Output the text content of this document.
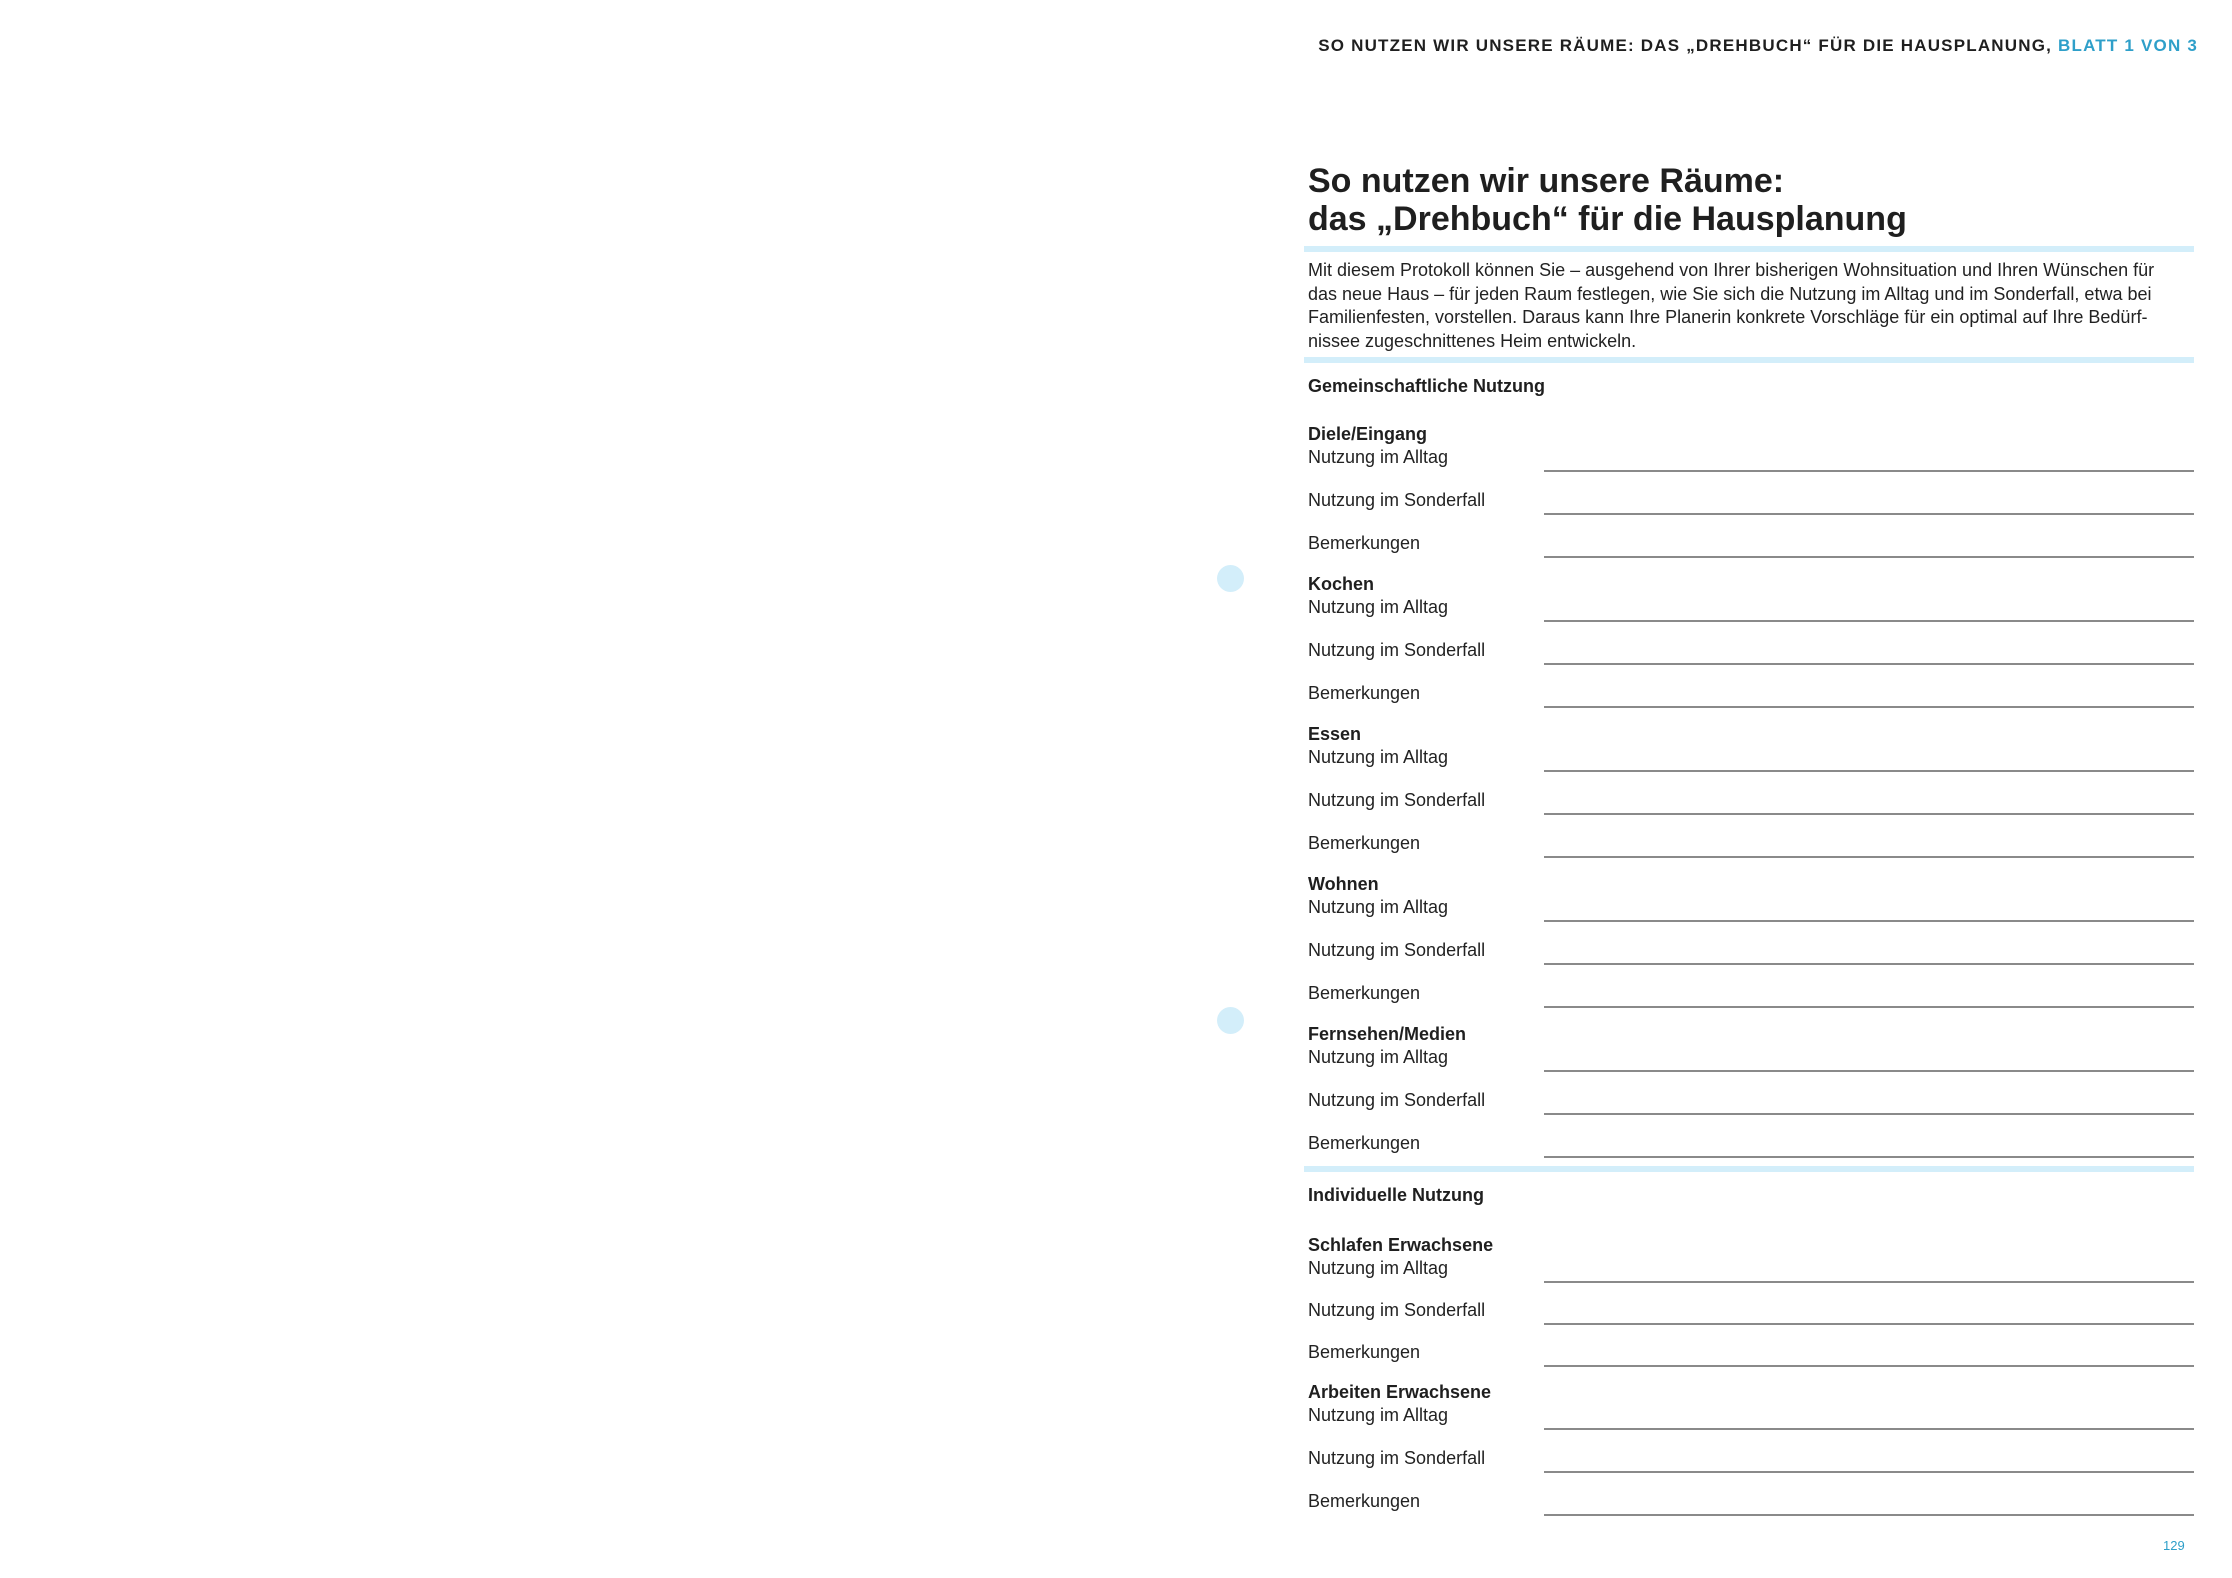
SO NUTZEN WIR UNSERE RÄUME: DAS „DREHBUCH“ FÜR DIE HAUSPLANUNG, BLATT 1 VON 3
So nutzen wir unsere Räume:
das „Drehbuch“ für die Hausplanung

Mit diesem Protokoll können Sie – ausgehend von Ihrer bisherigen Wohnsituation und Ihren Wünschen für
das neue Haus – für jeden Raum festlegen, wie Sie sich die Nutzung im Alltag und im Sonderfall, etwa bei
Familienfesten, vorstellen. Daraus kann Ihre Planerin konkrete Vorschläge für ein optimal auf Ihre Bedürf-
nissee zugeschnittenes Heim entwickeln.

Gemeinschaftliche Nutzung
Diele/Eingang
Nutzung im Alltag
Nutzung im Sonderfall
Bemerkungen
Kochen
Nutzung im Alltag
Nutzung im Sonderfall
Bemerkungen
Essen
Nutzung im Alltag
Nutzung im Sonderfall
Bemerkungen
Wohnen
Nutzung im Alltag
Nutzung im Sonderfall
Bemerkungen
Fernsehen/Medien
Nutzung im Alltag
Nutzung im Sonderfall
Bemerkungen
Individuelle Nutzung
Schlafen Erwachsene
Nutzung im Alltag
Nutzung im Sonderfall
Bemerkungen
Arbeiten Erwachsene
Nutzung im Alltag
Nutzung im Sonderfall
Bemerkungen
129
